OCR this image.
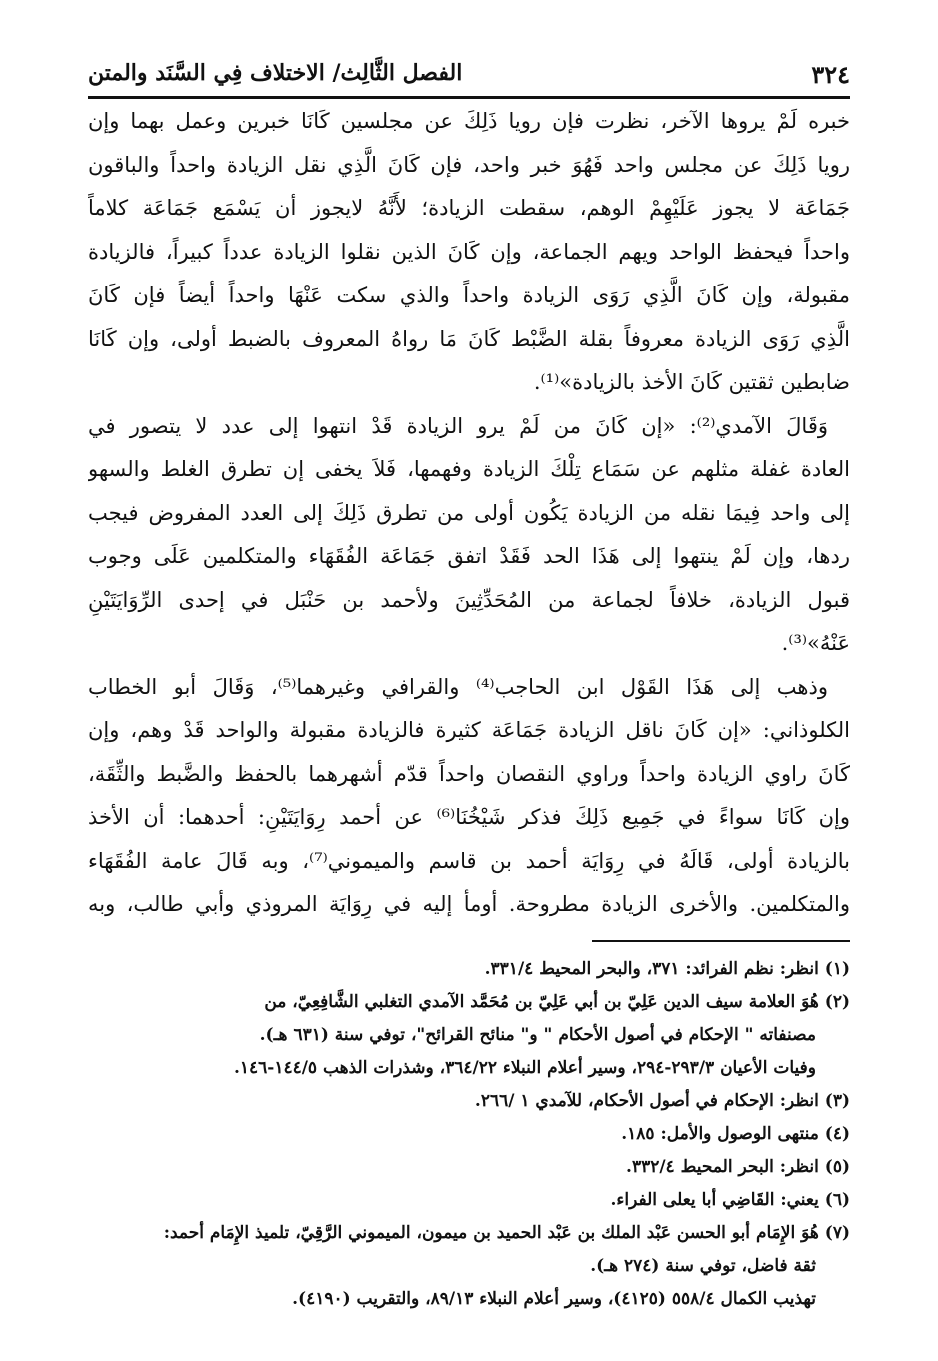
٣٢٤
الفصل الثَّالِث/ الاختلاف فِي السَّنَد والمتن
خبره لَمْ يروها الآخر، نظرت فإن رويا ذَلِكَ عن مجلسين كَانَا خبرين وعمل بهما وإن
رويا ذَلِكَ عن مجلس واحد فَهُوَ خبر واحد، فإن كَانَ الَّذِي نقل الزيادة واحداً والباقون
جَمَاعَة لا يجوز عَلَيْهِمْ الوهم، سقطت الزيادة؛ لأَنَّهُ لايجوز أن يَسْمَع جَمَاعَة كلاماً
واحداً فيحفظ الواحد ويهم الجماعة، وإن كَانَ الذين نقلوا الزيادة عدداً كبيراً، فالزيادة
مقبولة، وإن كَانَ الَّذِي رَوَى الزيادة واحداً والذي سكت عَنْهَا واحداً أيضاً فإن كَانَ
الَّذِي رَوَى الزيادة معروفاً بقلة الضَّبْط كَانَ مَا رواهُ المعروف بالضبط أولى، وإن كَانَا
ضابطين ثقتين كَانَ الأخذ بالزيادة»⁽¹⁾.
وَقَالَ الآمدي⁽²⁾: «إن كَانَ من لَمْ يرو الزيادة قَدْ انتهوا إلى عدد لا يتصور في
العادة غفلة مثلهم عن سَمَاع تِلْكَ الزيادة وفهمها، فَلاَ يخفى إن تطرق الغلط والسهو
إلى واحد فِيمَا نقله من الزيادة يَكُون أولى من تطرق ذَلِكَ إلى العدد المفروض فيجب
ردها، وإن لَمْ ينتهوا إلى هَذَا الحد فَقَدْ اتفق جَمَاعَة الفُقَهَاء والمتكلمين عَلَى وجوب
قبول الزيادة، خلافاً لجماعة من المُحَدِّثِينَ ولأحمد بن حَنْبَل في إحدى الرِّوَايَتَيْنِ
عَنْهُ»⁽³⁾.
وذهب إلى هَذَا القَوْل ابن الحاجب⁽⁴⁾ والقرافي وغيرهما⁽⁵⁾، وَقَالَ أبو الخطاب
الكلوذاني: «إن كَانَ ناقل الزيادة جَمَاعَة كثيرة فالزيادة مقبولة والواحد قَدْ وهم، وإن
كَانَ راوي الزيادة واحداً وراوي النقصان واحداً قدّم أشهرهما بالحفظ والضَّبط والثِّقَة،
وإن كَانَا سواءً في جَمِيع ذَلِكَ فذكر شَيْخُنَا⁽⁶⁾ عن أحمد رِوَايَتَيْنِ: أحدهما: أن الأخذ
بالزيادة أولى، قَالَهُ في رِوَايَة أحمد بن قاسم والميموني⁽⁷⁾، وبه قَالَ عامة الفُقَهَاء
والمتكلمين. والأخرى الزيادة مطروحة. أومأ إليه في رِوَايَة المروذي وأبي طالب، وبه
(١) انظر: نظم الفرائد: ٣٧١، والبحر المحيط ٣٣١/٤.
(٢) هُوَ العلامة سيف الدين عَلِيّ بن أبي عَلِيّ بن مُحَمَّد الآمدي التغلبي الشَّافِعِيّ، من
مصنفاته " الإحكام في أصول الأحكام " و" منائح القرائح"، توفي سنة (٦٣١ هـ).
وفيات الأعيان ٢٩٣/٣-٢٩٤، وسير أعلام النبلاء ٣٦٤/٢٢، وشذرات الذهب ١٤٤/٥-١٤٦.
(٣) انظر: الإحكام في أصول الأحكام، للآمدي ١ /٢٦٦.
(٤) منتهى الوصول والأمل: ١٨٥.
(٥) انظر: البحر المحيط ٣٣٢/٤.
(٦) يعني: القَاضِي أبا يعلى الفراء.
(٧) هُوَ الإِمَام أبو الحسن عَبْد الملك بن عَبْد الحميد بن ميمون، الميموني الرَّقِيّ، تلميذ الإِمَام أحمد:
ثقة فاضل، توفي سنة (٢٧٤ هـ).
تهذيب الكمال ٥٥٨/٤ (٤١٢٥)، وسير أعلام النبلاء ٨٩/١٣، والتقريب (٤١٩٠).
